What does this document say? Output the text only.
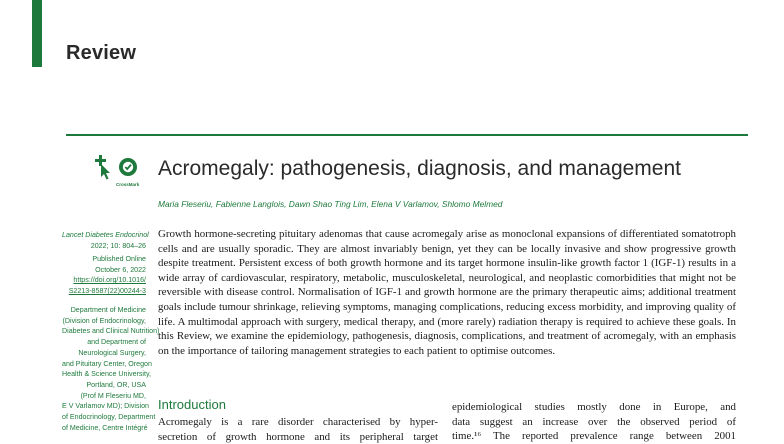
Review
CrossMark
Acromegaly: pathogenesis, diagnosis, and management
Maria Fleseriu, Fabienne Langlois, Dawn Shao Ting Lim, Elena V Varlamov, Shlomo Melmed
Lancet Diabetes Endocrinol
2022; 10: 804–26
Published Online
October 6, 2022
https://doi.org/10.1016/
S2213-8587(22)00244-3
Department of Medicine
(Division of Endocrinology,
Diabetes and Clinical Nutrition)
and Department of
Neurological Surgery,
and Pituitary Center, Oregon
Health & Science University,
Portland, OR, USA
(Prof M Fleseriu MD,
E V Varlamov MD); Division
of Endocrinology, Department
of Medicine, Centre Intégré
Growth hormone-secreting pituitary adenomas that cause acromegaly arise as monoclonal expansions of differentiated somatotroph cells and are usually sporadic. They are almost invariably benign, yet they can be locally invasive and show progressive growth despite treatment. Persistent excess of both growth hormone and its target hormone insulin-like growth factor 1 (IGF-1) results in a wide array of cardiovascular, respiratory, metabolic, musculoskeletal, neurological, and neoplastic comorbidities that might not be reversible with disease control. Normalisation of IGF-1 and growth hormone are the primary therapeutic aims; additional treatment goals include tumour shrinkage, relieving symptoms, managing complications, reducing excess morbidity, and improving quality of life. A multimodal approach with surgery, medical therapy, and (more rarely) radiation therapy is required to achieve these goals. In this Review, we examine the epidemiology, pathogenesis, diagnosis, complications, and treatment of acromegaly, with an emphasis on the importance of tailoring management strategies to each patient to optimise outcomes.
Introduction
Acromegaly is a rare disorder characterised by hyper-
secretion of growth hormone and its peripheral target
epidemiological studies mostly done in Europe, and
data suggest an increase over the observed period of
time.¹⁶ The reported prevalence range between 2001
